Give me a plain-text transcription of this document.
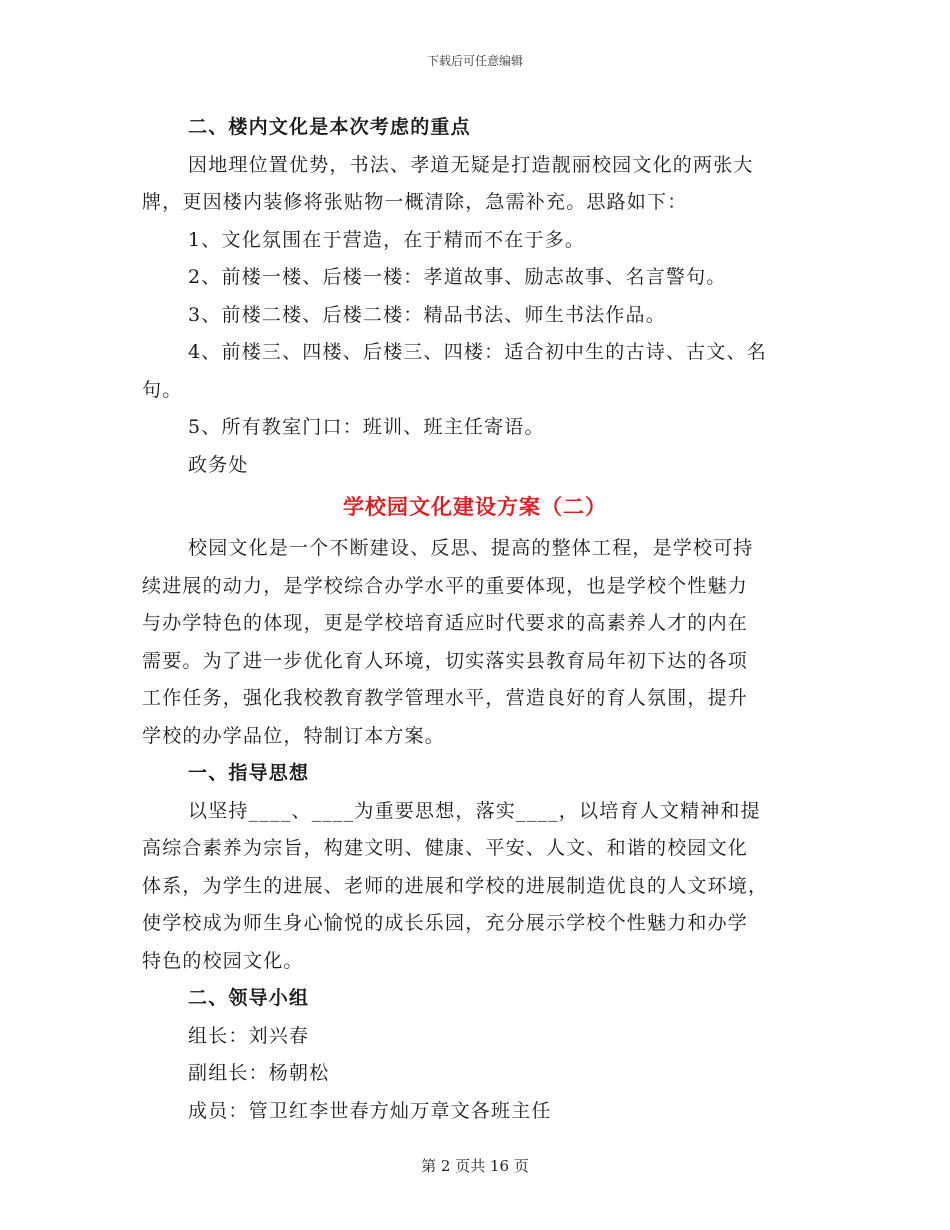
下载后可任意编辑
二、楼内文化是本次考虑的重点
因地理位置优势，书法、孝道无疑是打造靓丽校园文化的两张大
牌，更因楼内装修将张贴物一概清除，急需补充。思路如下：
1、文化氛围在于营造，在于精而不在于多。
2、前楼一楼、后楼一楼：孝道故事、励志故事、名言警句。
3、前楼二楼、后楼二楼：精品书法、师生书法作品。
4、前楼三、四楼、后楼三、四楼：适合初中生的古诗、古文、名
句。
5、所有教室门口：班训、班主任寄语。
政务处
学校园文化建设方案（二）
校园文化是一个不断建设、反思、提高的整体工程，是学校可持
续进展的动力，是学校综合办学水平的重要体现，也是学校个性魅力
与办学特色的体现，更是学校培育适应时代要求的高素养人才的内在
需要。为了进一步优化育人环境，切实落实县教育局年初下达的各项
工作任务，强化我校教育教学管理水平，营造良好的育人氛围，提升
学校的办学品位，特制订本方案。
一、指导思想
以坚持____、____为重要思想，落实____，以培育人文精神和提
高综合素养为宗旨，构建文明、健康、平安、人文、和谐的校园文化
体系，为学生的进展、老师的进展和学校的进展制造优良的人文环境，
使学校成为师生身心愉悦的成长乐园，充分展示学校个性魅力和办学
特色的校园文化。
二、领导小组
组长：刘兴春
副组长：杨朝松
成员：管卫红李世春方灿万章文各班主任
第 2 页共 16 页
